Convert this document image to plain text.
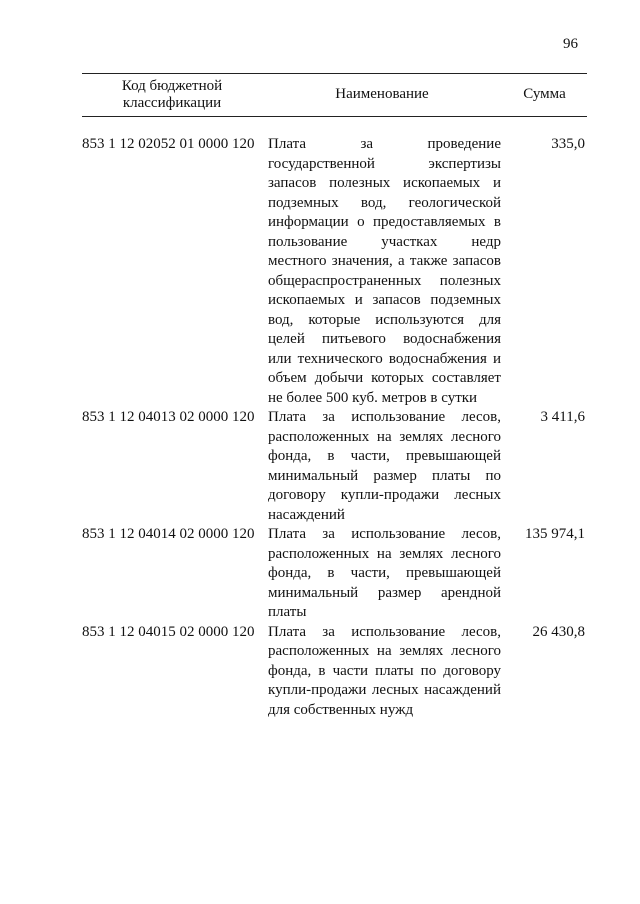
96
Код бюджетной классификации
Наименование	Сумма
853 1 12 02052 01 0000 120 Плата за проведение государственной экспертизы запасов полезных ископаемых и подземных вод, геологической информации о предоставляемых в пользование участках недр местного значения, а также запасов общераспространенных полезных ископаемых и запасов подземных вод, которые используются для целей питьевого водоснабжения или технического водоснабжения и объем добычи которых составляет не более 500 куб. метров в сутки
335,0
853 1 12 04013 02 0000 120 Плата за использование лесов, расположенных на землях лесного фонда, в части, превышающей минимальный размер платы по договору купли-продажи лесных насаждений
3 411,6
853 1 12 04014 02 0000 120 Плата за использование лесов, расположенных на землях лесного фонда, в части, превышающей минимальный размер арендной платы
135 974,1
853 1 12 04015 02 0000 120 Плата за использование лесов, расположенных на землях лесного фонда, в части платы по договору купли-продажи лесных насаждений для собственных нужд
26 430,8
